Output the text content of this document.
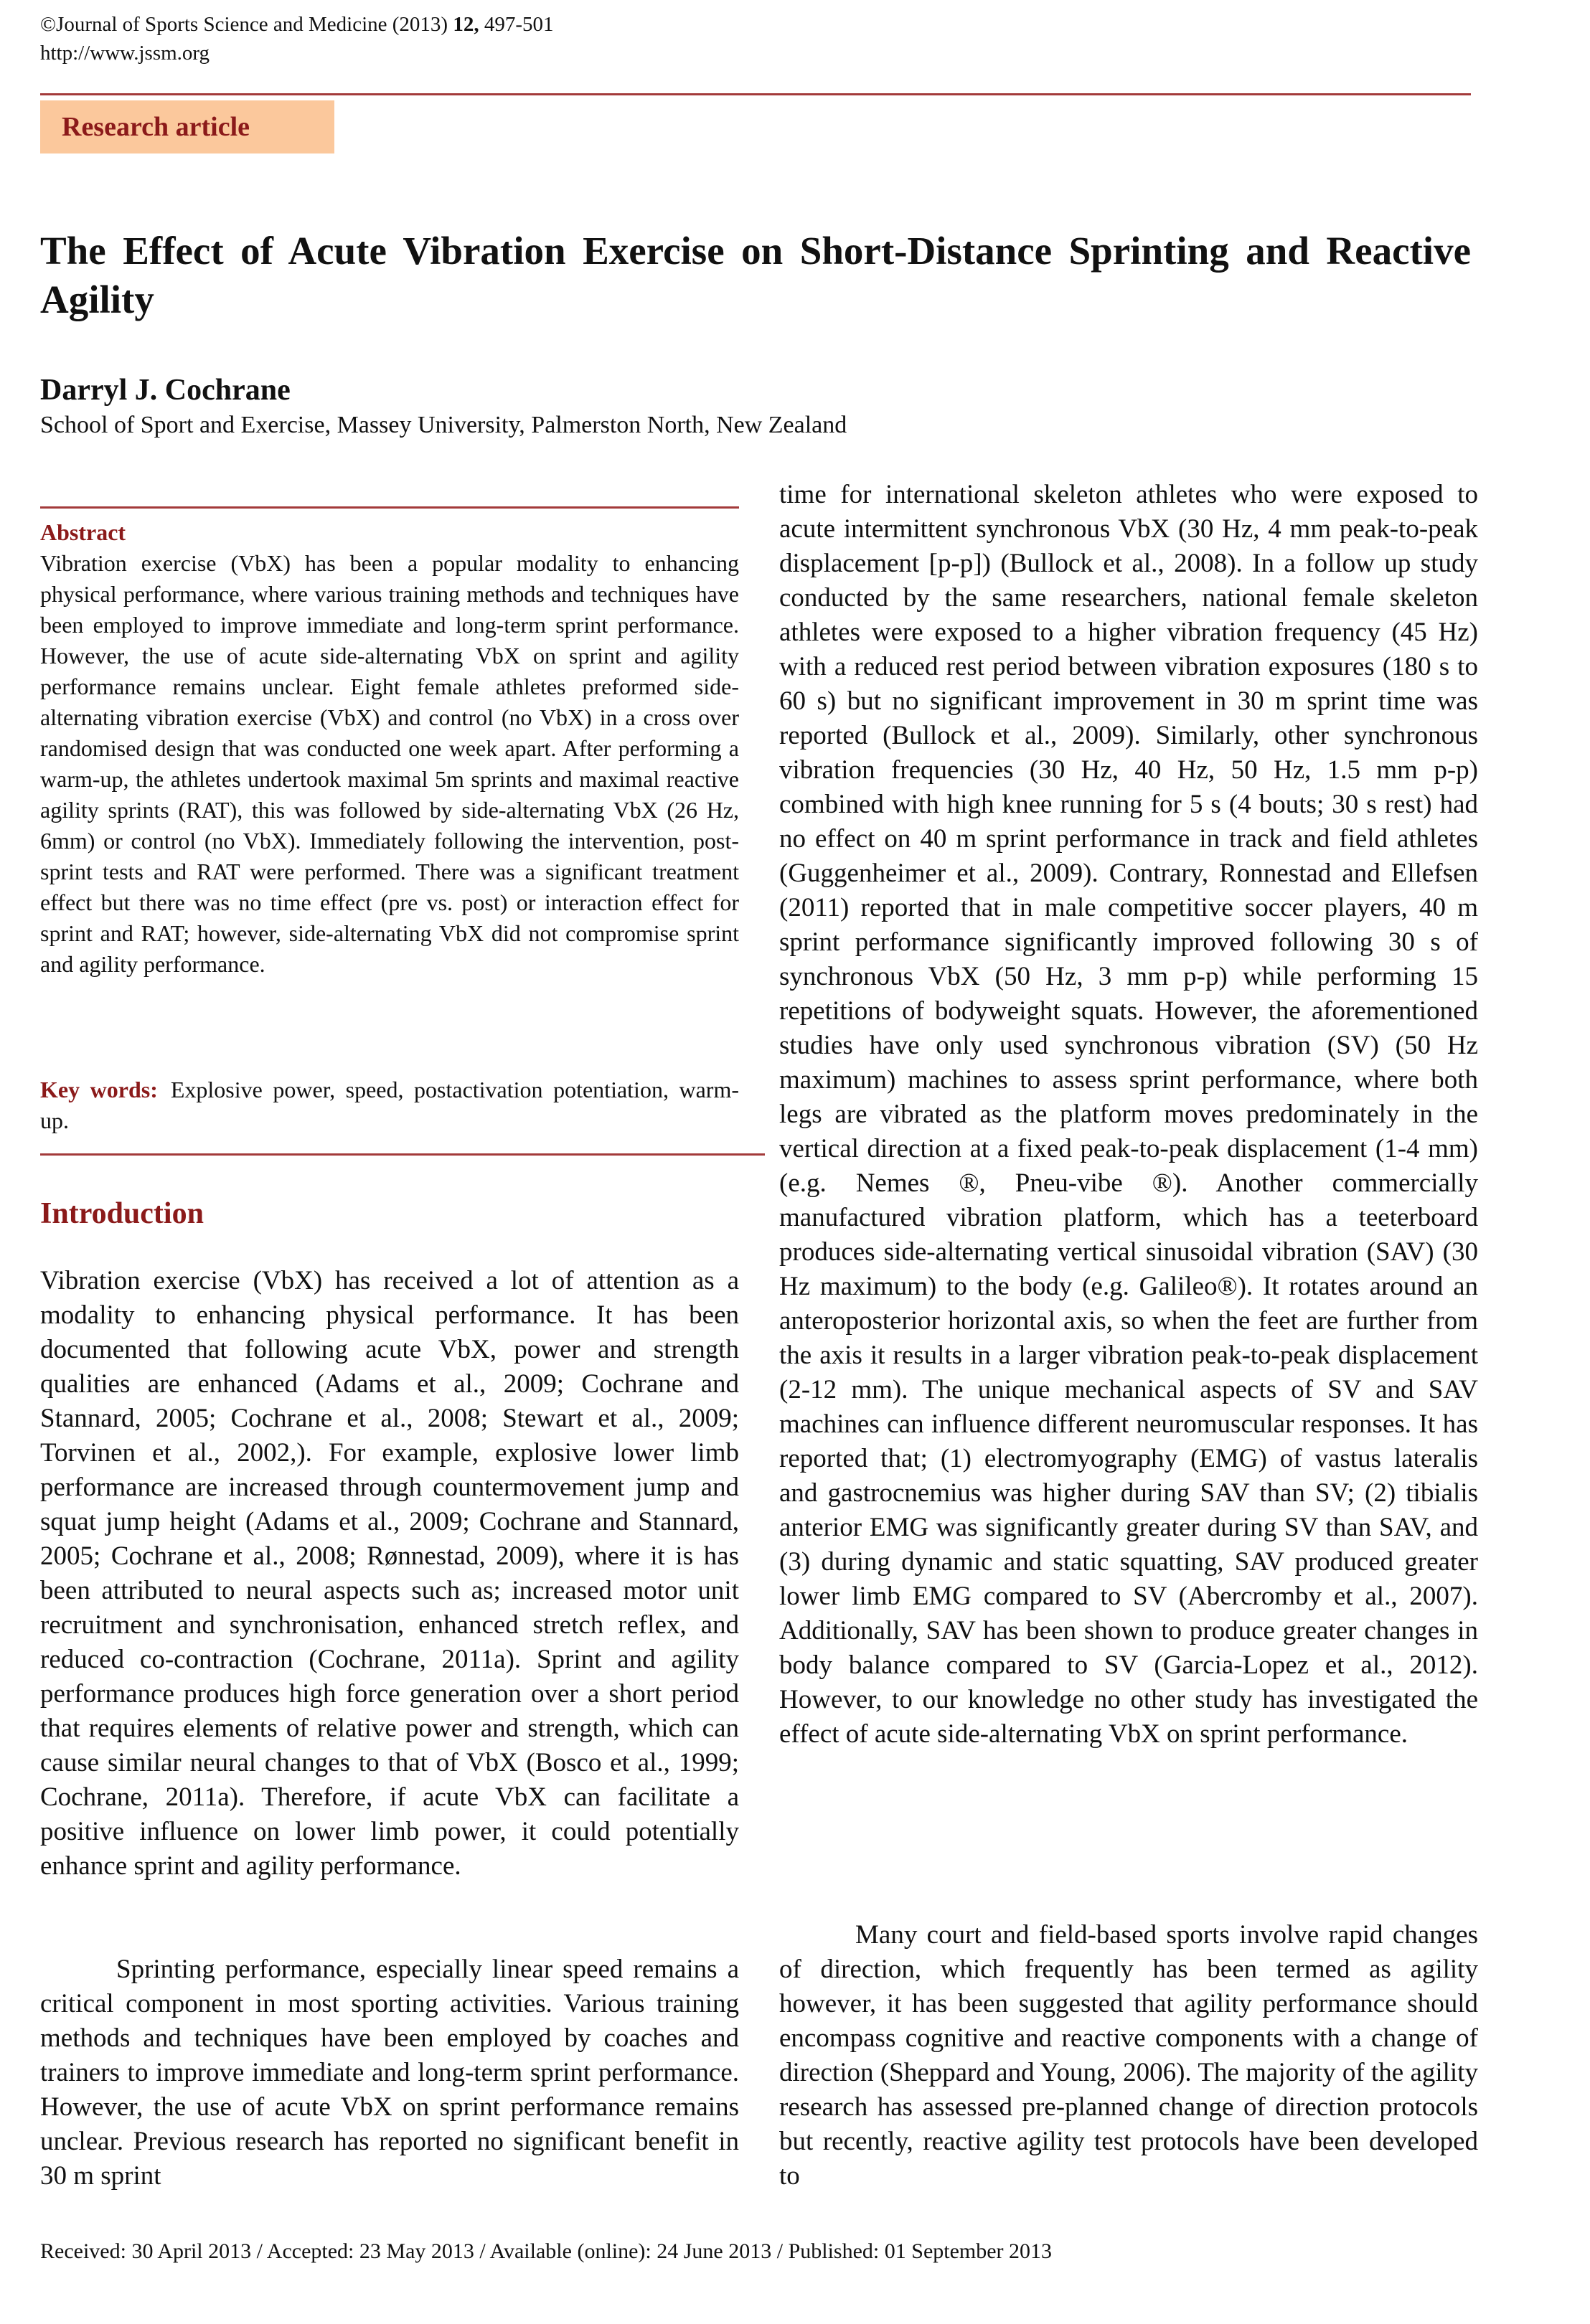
©Journal of Sports Science and Medicine (2013) 12, 497-501
http://www.jssm.org
Research article
The Effect of Acute Vibration Exercise on Short-Distance Sprinting and Reactive Agility
Darryl J. Cochrane
School of Sport and Exercise, Massey University, Palmerston North, New Zealand
Abstract

Vibration exercise (VbX) has been a popular modality to enhancing physical performance, where various training methods and techniques have been employed to improve immediate and long-term sprint performance. However, the use of acute side-alternating VbX on sprint and agility performance remains unclear. Eight female athletes preformed side-alternating vibration exercise (VbX) and control (no VbX) in a cross over randomised design that was conducted one week apart. After performing a warm-up, the athletes undertook maximal 5m sprints and maximal reactive agility sprints (RAT), this was followed by side-alternating VbX (26 Hz, 6mm) or control (no VbX). Immediately following the intervention, post-sprint tests and RAT were performed. There was a significant treatment effect but there was no time effect (pre vs. post) or interaction effect for sprint and RAT; however, side-alternating VbX did not compromise sprint and agility performance.

Key words: Explosive power, speed, postactivation potentiation, warm-up.

Introduction

Vibration exercise (VbX) has received a lot of attention as a modality to enhancing physical performance. It has been documented that following acute VbX, power and strength qualities are enhanced (Adams et al., 2009; Cochrane and Stannard, 2005; Cochrane et al., 2008; Stewart et al., 2009; Torvinen et al., 2002,). For example, explosive lower limb performance are increased through countermovement jump and squat jump height (Adams et al., 2009; Cochrane and Stannard, 2005; Cochrane et al., 2008; Rønnestad, 2009), where it is has been attributed to neural aspects such as; increased motor unit recruitment and synchronisation, enhanced stretch reflex, and reduced co-contraction (Cochrane, 2011a). Sprint and agility performance produces high force generation over a short period that requires elements of relative power and strength, which can cause similar neural changes to that of VbX (Bosco et al., 1999; Cochrane, 2011a). Therefore, if acute VbX can facilitate a positive influence on lower limb power, it could potentially enhance sprint and agility performance.

Sprinting performance, especially linear speed remains a critical component in most sporting activities. Various training methods and techniques have been employed by coaches and trainers to improve immediate and long-term sprint performance. However, the use of acute VbX on sprint performance remains unclear. Previous research has reported no significant benefit in 30 m sprint

time for international skeleton athletes who were exposed to acute intermittent synchronous VbX (30 Hz, 4 mm peak-to-peak displacement [p-p]) (Bullock et al., 2008). In a follow up study conducted by the same researchers, national female skeleton athletes were exposed to a higher vibration frequency (45 Hz) with a reduced rest period between vibration exposures (180 s to 60 s) but no significant improvement in 30 m sprint time was reported (Bullock et al., 2009). Similarly, other synchronous vibration frequencies (30 Hz, 40 Hz, 50 Hz, 1.5 mm p-p) combined with high knee running for 5 s (4 bouts; 30 s rest) had no effect on 40 m sprint performance in track and field athletes (Guggenheimer et al., 2009). Contrary, Ronnestad and Ellefsen (2011) reported that in male competitive soccer players, 40 m sprint performance significantly improved following 30 s of synchronous VbX (50 Hz, 3 mm p-p) while performing 15 repetitions of bodyweight squats. However, the aforementioned studies have only used synchronous vibration (SV) (50 Hz maximum) machines to assess sprint performance, where both legs are vibrated as the platform moves predominately in the vertical direction at a fixed peak-to-peak displacement (1-4 mm) (e.g. Nemes ®, Pneu-vibe ®). Another commercially manufactured vibration platform, which has a teeterboard produces side-alternating vertical sinusoidal vibration (SAV) (30 Hz maximum) to the body (e.g. Galileo®). It rotates around an anteroposterior horizontal axis, so when the feet are further from the axis it results in a larger vibration peak-to-peak displacement (2-12 mm). The unique mechanical aspects of SV and SAV machines can influence different neuromuscular responses. It has reported that; (1) electromyography (EMG) of vastus lateralis and gastrocnemius was higher during SAV than SV; (2) tibialis anterior EMG was significantly greater during SV than SAV, and (3) during dynamic and static squatting, SAV produced greater lower limb EMG compared to SV (Abercromby et al., 2007). Additionally, SAV has been shown to produce greater changes in body balance compared to SV (Garcia-Lopez et al., 2012). However, to our knowledge no other study has investigated the effect of acute side-alternating VbX on sprint performance.

Many court and field-based sports involve rapid changes of direction, which frequently has been termed as agility however, it has been suggested that agility performance should encompass cognitive and reactive components with a change of direction (Sheppard and Young, 2006). The majority of the agility research has assessed pre-planned change of direction protocols but recently, reactive agility test protocols have been developed to

Received: 30 April 2013 / Accepted: 23 May 2013 / Available (online): 24 June 2013 / Published: 01 September 2013
